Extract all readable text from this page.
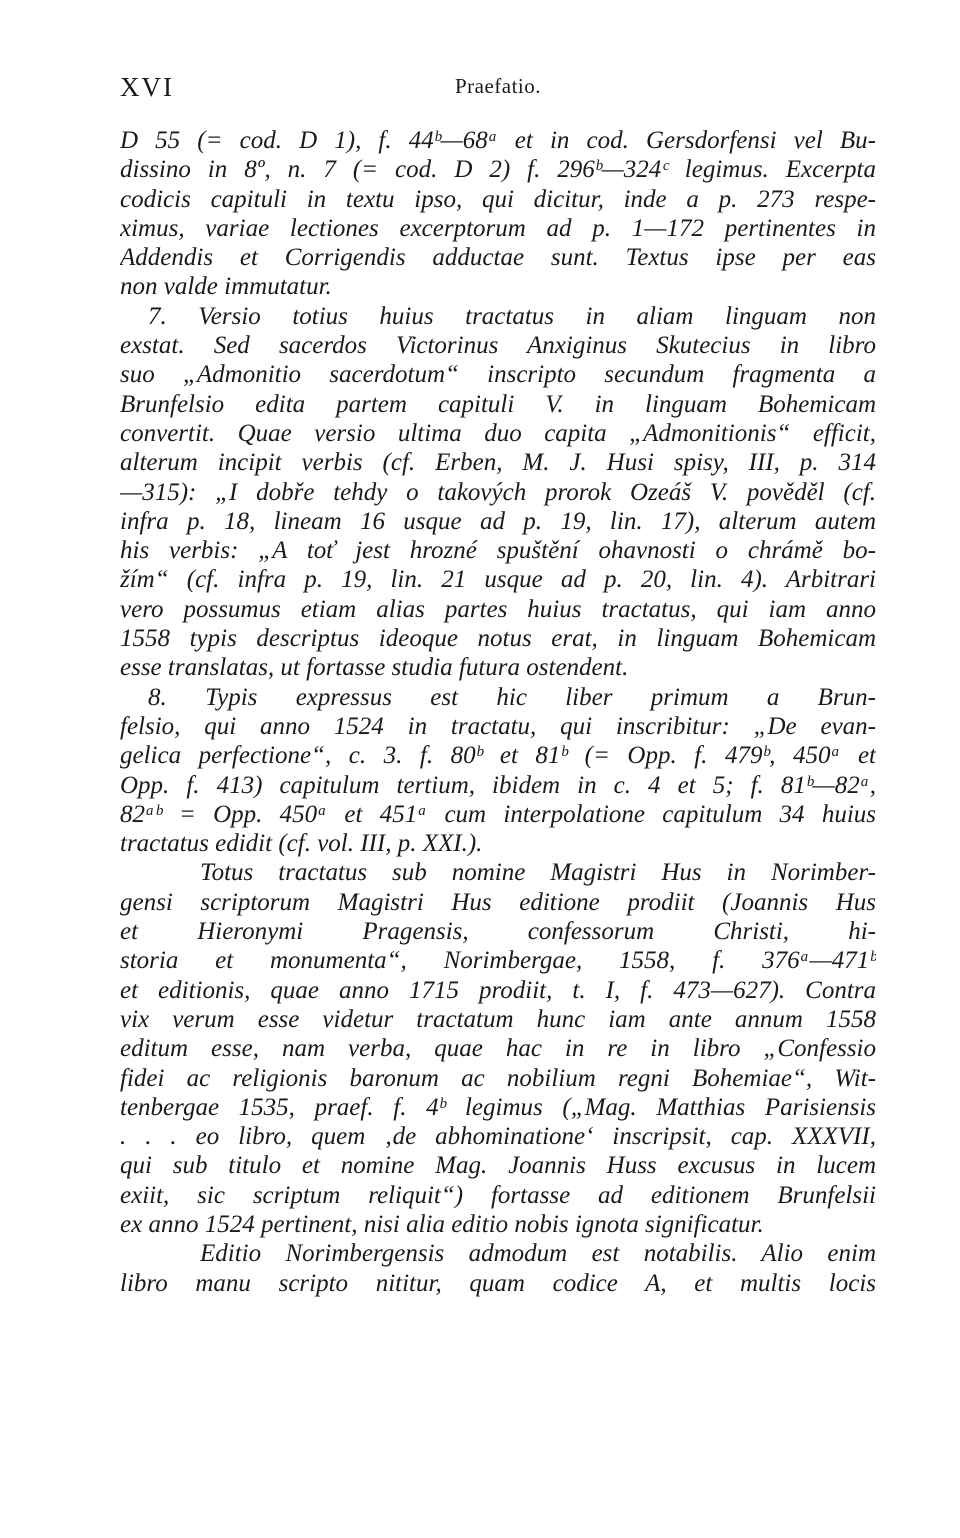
XVI	Praefatio.
D 55 (= cod. D 1), f. 44ᵇ—68ᵃ et in cod. Gersdorfensi vel Bu-
dissino in 8º, n. 7 (= cod. D 2) f. 296ᵇ—324ᶜ legimus. Excerpta
codicis capituli in textu ipso, qui dicitur, inde a p. 273 respe-
ximus, variae lectiones excerptorum ad p. 1—172 pertinentes in
Addendis et Corrigendis adductae sunt. Textus ipse per eas
non valde immutatur.
7. Versio totius huius tractatus in aliam linguam non
exstat. Sed sacerdos Victorinus Anxiginus Skutecius in libro
suo „Admonitio sacerdotum“ inscripto secundum fragmenta a
Brunfelsio edita partem capituli V. in linguam Bohemicam
convertit. Quae versio ultima duo capita „Admonitionis“ efficit,
alterum incipit verbis (cf. Erben, M. J. Husi spisy, III, p. 314
—315): „I dobře tehdy o takových prorok Ozeáš V. pověděl (cf.
infra p. 18, lineam 16 usque ad p. 19, lin. 17), alterum autem
his verbis: „A toť jest hrozné spuštění ohavnosti o chrámě bo-
žím“ (cf. infra p. 19, lin. 21 usque ad p. 20, lin. 4). Arbitrari
vero possumus etiam alias partes huius tractatus, qui iam anno
1558 typis descriptus ideoque notus erat, in linguam Bohemicam
esse translatas, ut fortasse studia futura ostendent.
8. Typis expressus est hic liber primum a Brun-
felsio, qui anno 1524 in tractatu, qui inscribitur: „De evan-
gelica perfectione“, c. 3. f. 80ᵇ et 81ᵇ (= Opp. f. 479ᵇ, 450ᵃ et
Opp. f. 413) capitulum tertium, ibidem in c. 4 et 5; f. 81ᵇ—82ᵃ,
82ᵃᵇ = Opp. 450ᵃ et 451ᵃ cum interpolatione capitulum 34 huius
tractatus edidit (cf. vol. III, p. XXI.).
Totus tractatus sub nomine Magistri Hus in Norimber-
gensi scriptorum Magistri Hus editione prodiit (Joannis Hus
et Hieronymi Pragensis, confessorum Christi, hi-
storia et monumenta“, Norimbergae, 1558, f. 376ᵃ—471ᵇ
et editionis, quae anno 1715 prodiit, t. I, f. 473—627). Contra
vix verum esse videtur tractatum hunc iam ante annum 1558
editum esse, nam verba, quae hac in re in libro „Confessio
fidei ac religionis baronum ac nobilium regni Bohemiae“, Wit-
tenbergae 1535, praef. f. 4ᵇ legimus („Mag. Matthias Parisiensis
. . . eo libro, quem ‚de abhominatione‘ inscripsit, cap. XXXVII,
qui sub titulo et nomine Mag. Joannis Huss excusus in lucem
exiit, sic scriptum reliquit“) fortasse ad editionem Brunfelsii
ex anno 1524 pertinent, nisi alia editio nobis ignota significatur.
Editio Norimbergensis admodum est notabilis. Alio enim
libro manu scripto nititur, quam codice A, et multis locis
